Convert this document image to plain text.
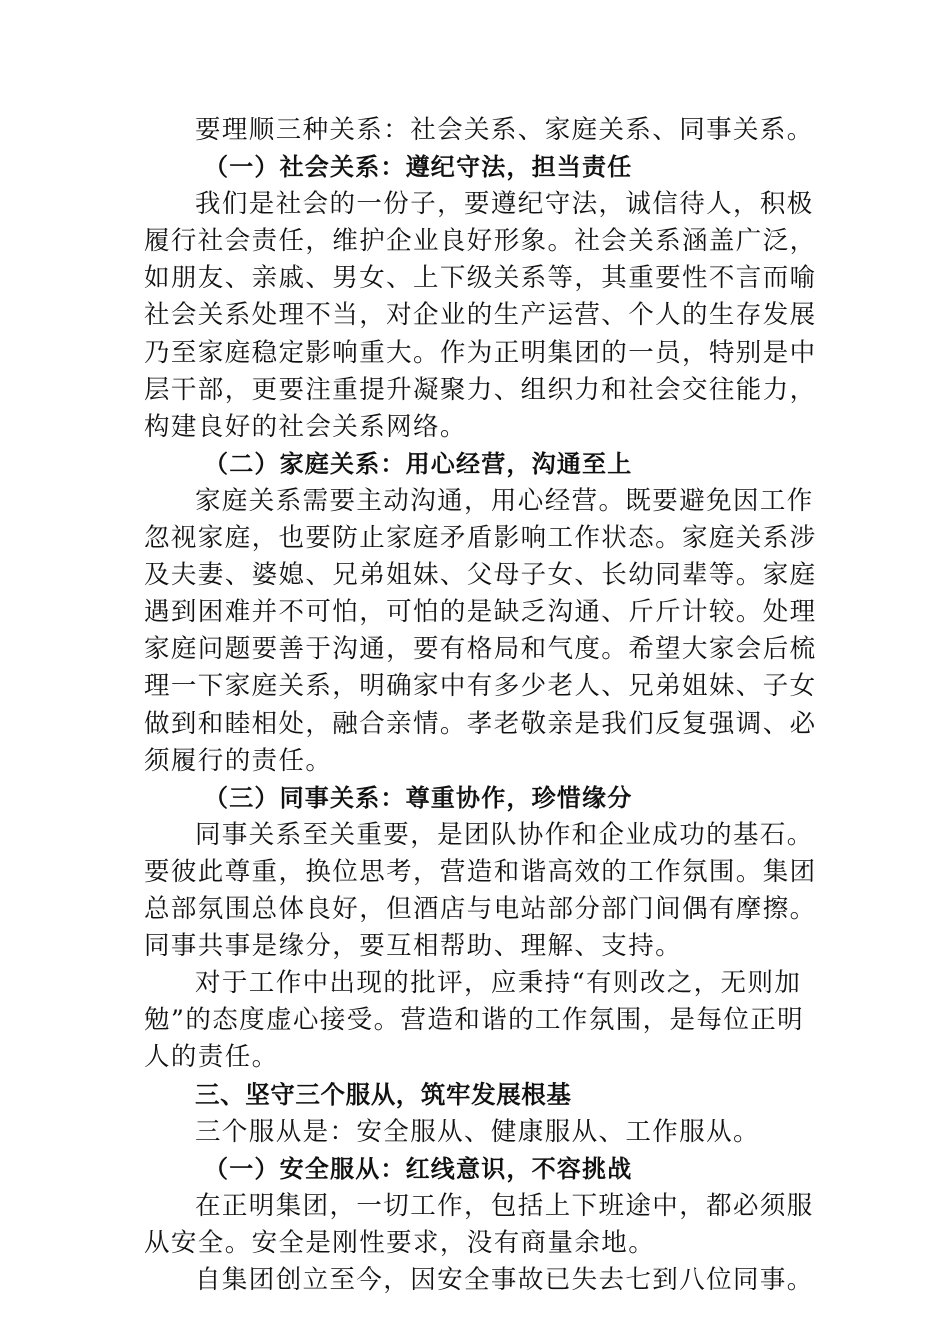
要理顺三种关系：社会关系、家庭关系、同事关系。

（一）社会关系：遵纪守法，担当责任

我们是社会的一份子，要遵纪守法，诚信待人，积极
履行社会责任，维护企业良好形象。社会关系涵盖广泛，
如朋友、亲戚、男女、上下级关系等，其重要性不言而喻
社会关系处理不当，对企业的生产运营、个人的生存发展
乃至家庭稳定影响重大。作为正明集团的一员，特别是中
层干部，更要注重提升凝聚力、组织力和社会交往能力，
构建良好的社会关系网络。

（二）家庭关系：用心经营，沟通至上

家庭关系需要主动沟通，用心经营。既要避免因工作
忽视家庭，也要防止家庭矛盾影响工作状态。家庭关系涉
及夫妻、婆媳、兄弟姐妹、父母子女、长幼同辈等。家庭
遇到困难并不可怕，可怕的是缺乏沟通、斤斤计较。处理
家庭问题要善于沟通，要有格局和气度。希望大家会后梳
理一下家庭关系，明确家中有多少老人、兄弟姐妹、子女
做到和睦相处，融合亲情。孝老敬亲是我们反复强调、必
须履行的责任。

（三）同事关系：尊重协作，珍惜缘分

同事关系至关重要，是团队协作和企业成功的基石。
要彼此尊重，换位思考，营造和谐高效的工作氛围。集团
总部氛围总体良好，但酒店与电站部分部门间偶有摩擦。
同事共事是缘分，要互相帮助、理解、支持。

对于工作中出现的批评，应秉持“有则改之，无则加
勉”的态度虚心接受。营造和谐的工作氛围，是每位正明
人的责任。

三、坚守三个服从，筑牢发展根基

三个服从是：安全服从、健康服从、工作服从。

（一）安全服从：红线意识，不容挑战

在正明集团，一切工作，包括上下班途中，都必须服
从安全。安全是刚性要求，没有商量余地。

自集团创立至今，因安全事故已失去七到八位同事。
